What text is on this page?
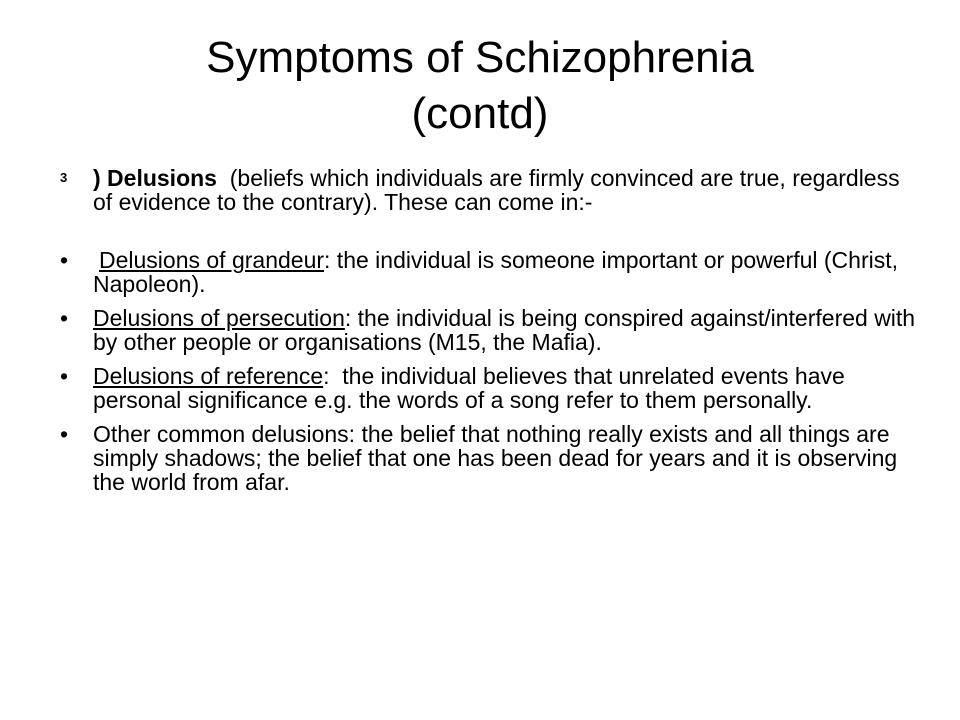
Symptoms of Schizophrenia
(contd)

3 ) Delusions  (beliefs which individuals are firmly convinced are true, regardless of evidence to the contrary). These can come in:-

• Delusions of grandeur: the individual is someone important or powerful (Christ, Napoleon).
• Delusions of persecution: the individual is being conspired against/interfered with by other people or organisations (M15, the Mafia).
• Delusions of reference:  the individual believes that unrelated events have personal significance e.g. the words of a song refer to them personally.
• Other common delusions: the belief that nothing really exists and all things are simply shadows; the belief that one has been dead for years and it is observing the world from afar.
